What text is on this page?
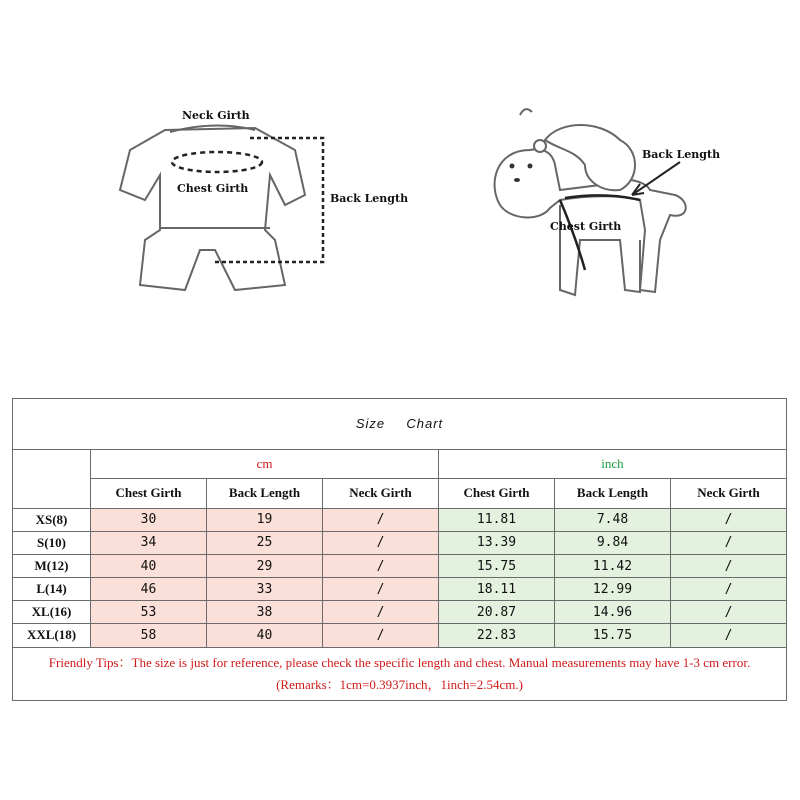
Neck Girth
Chest Girth
Back Length
Back Length
Chest Girth
Size Chart						
	cm			inch		
	Chest Girth	Back Length	Neck Girth	Chest Girth	Back Length	Neck Girth
XS(8)	30	19	/	11.81	7.48	/
S(10)	34	25	/	13.39	9.84	/
M(12)	40	29	/	15.75	11.42	/
L(14)	46	33	/	18.11	12.99	/
XL(16)	53	38	/	20.87	14.96	/
XXL(18)	58	40	/	22.83	15.75	/
Friendly Tips：The size is just for reference, please check the specific length and chest. Manual measurements may have 1-3 cm error. (Remarks：1cm=0.3937inch，1inch=2.54cm.)						
